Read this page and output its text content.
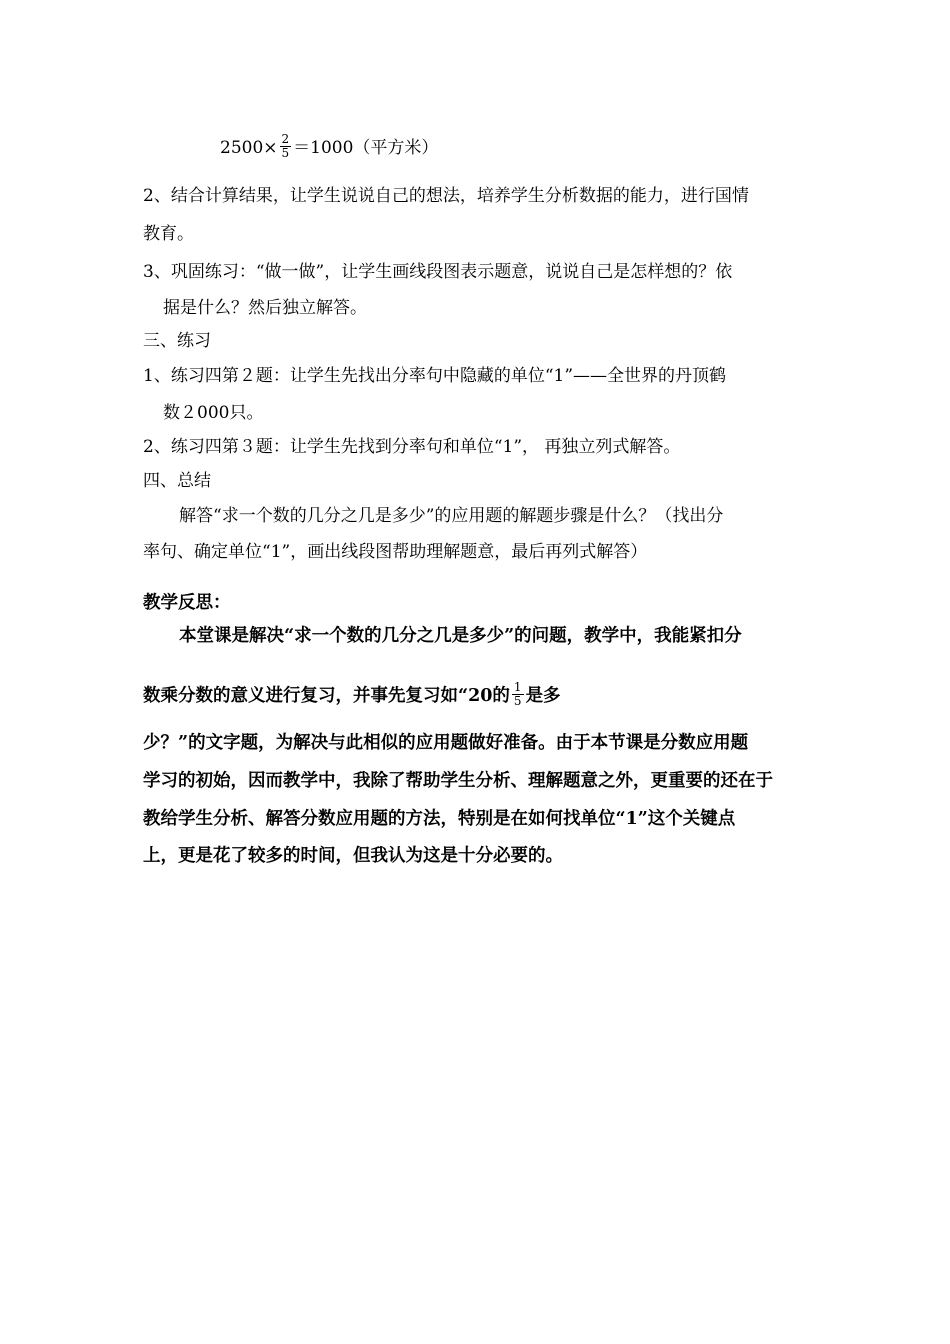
$2500\times \frac{2}{5} =1000$（平方米）
2、结合计算结果，让学生说说自己的想法，培养学生分析数据的能力，进行国情
教育。
3、巩固练习：“做一做”，让学生画线段图表示题意，说说自己是怎样想的？依
据是什么？然后独立解答。
三、练习
1、练习四第２题：让学生先找出分率句中隐藏的单位“1”——全世界的丹顶鹤
数２000只。
2、练习四第３题：让学生先找到分率句和单位“1”， 再独立列式解答。
四、总结
解答“求一个数的几分之几是多少”的应用题的解题步骤是什么？（找出分
率句、确定单位“1”，画出线段图帮助理解题意，最后再列式解答）
教学反思：
本堂课是解决“求一个数的几分之几是多少”的问题，教学中，我能紧扣分
数乘分数的意义进行复习，并事先复习如“20的 $\frac{1}{5}$ 是多
少？”的文字题，为解决与此相似的应用题做好准备。由于本节课是分数应用题
学习的初始，因而教学中，我除了帮助学生分析、理解题意之外，更重要的还在于
教给学生分析、解答分数应用题的方法，特别是在如何找单位“1”这个关键点
上，更是花了较多的时间，但我认为这是十分必要的。
